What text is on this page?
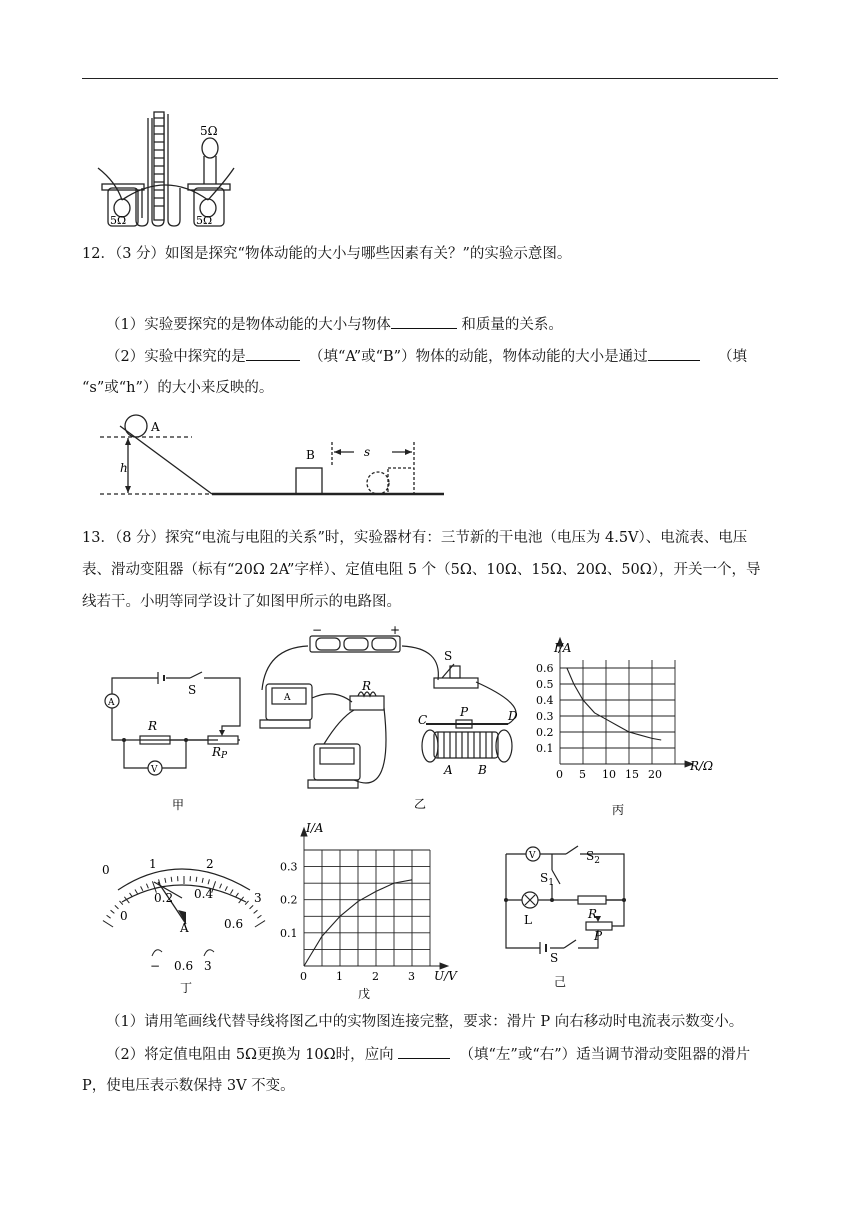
5Ω
5Ω	5Ω
12．（3 分）如图是探究“物体动能的大小与哪些因素有关？”的实验示意图。
（1）实验要探究的是物体动能的大小与物体	和质量的关系。
（2）实验中探究的是	（填“A”或“B”）物体的动能，物体动能的大小是通过	（填
“s”或“h”）的大小来反映的。
A
h
B	s
13．（8 分）探究“电流与电阻的关系”时，实验器材有：三节新的干电池（电压为 4.5V）、电流表、电压
表、滑动变阻器（标有“20Ω 2A”字样）、定值电阻 5 个（5Ω、10Ω、15Ω、20Ω、50Ω），开关一个，导
线若干。小明等同学设计了如图甲所示的电路图。
A
V
S
R
RP
甲
−	+
A
S
R
P
C	D
A B
乙
0 5 10 15 20
0.6
0.5
0.4
0.3
0.2
0.1
I/A
R/Ω
丙
0	1	2
3
0
0.2 0.4
0.6
A
− 0.6 3
丁
0	1	2	3
0.3
0.2
0.1
I/A
U/V
戊
V	$S_2$
$S_1$
L	R
P
S
己
（1）请用笔画线代替导线将图乙中的实物图连接完整，要求：滑片 P 向右移动时电流表示数变小。
（2）将定值电阻由 5Ω更换为 10Ω时，应向	（填“左”或“右”）适当调节滑动变阻器的滑片
P，使电压表示数保持 3V 不变。
